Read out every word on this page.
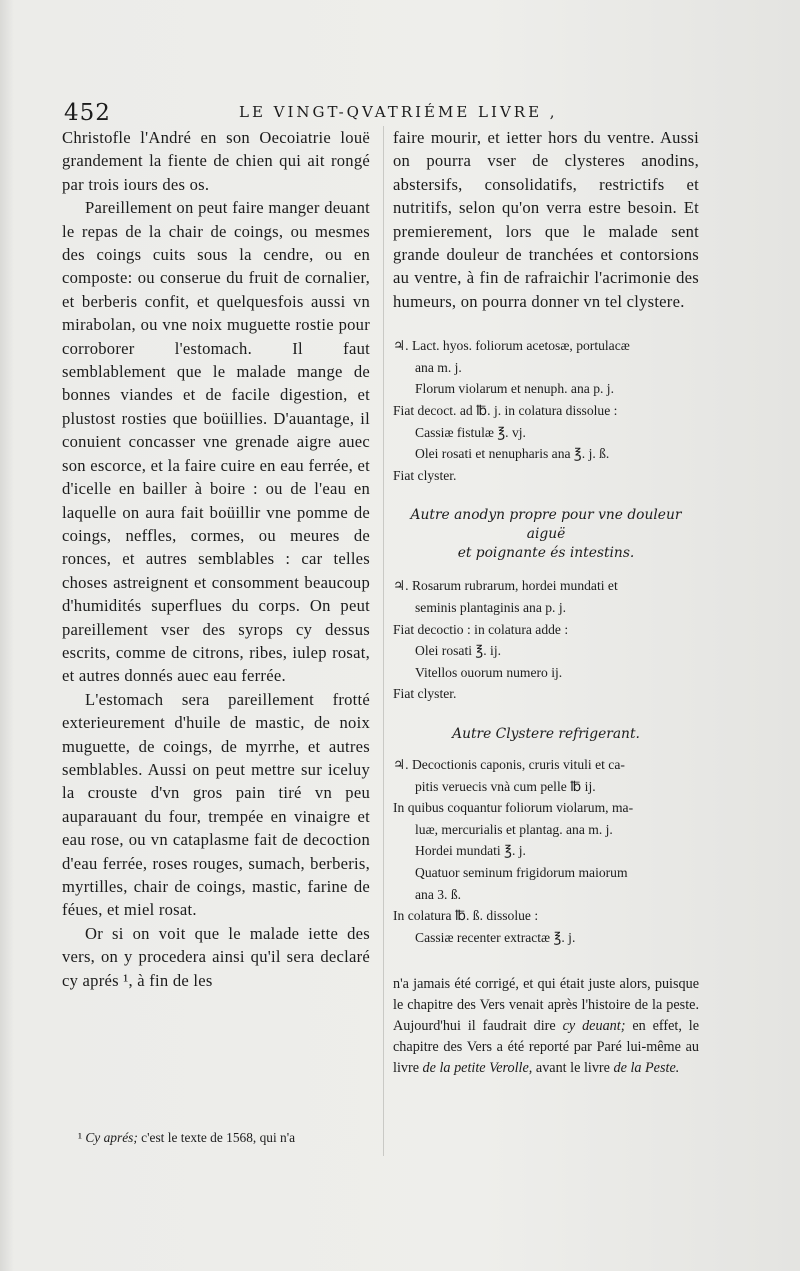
452	LE VINGT-QVATRIÉME LIVRE ,

Christofle l'André en son Oecoiatrie louë grandement la fiente de chien qui ait rongé par trois iours des os.

Pareillement on peut faire manger deuant le repas de la chair de coings, ou mesmes des coings cuits sous la cendre, ou en composte: ou conserue du fruit de cornalier, et berberis confit, et quelquesfois aussi vn mirabolan, ou vne noix muguette rostie pour corroborer l'estomach. Il faut semblablement que le malade mange de bonnes viandes et de facile digestion, et plustost rosties que boüillies. D'auantage, il conuient concasser vne grenade aigre auec son escorce, et la faire cuire en eau ferrée, et d'icelle en bailler à boire : ou de l'eau en laquelle on aura fait boüillir vne pomme de coings, neffles, cormes, ou meures de ronces, et autres semblables : car telles choses astreignent et consomment beaucoup d'humidités superflues du corps. On peut pareillement vser des syrops cy dessus escrits, comme de citrons, ribes, iulep rosat, et autres donnés auec eau ferrée.

L'estomach sera pareillement frotté exterieurement d'huile de mastic, de noix muguette, de coings, de myrrhe, et autres semblables. Aussi on peut mettre sur iceluy la crouste d'vn gros pain tiré vn peu auparauant du four, trempée en vinaigre et eau rose, ou vn cataplasme fait de decoction d'eau ferrée, roses rouges, sumach, berberis, myrtilles, chair de coings, mastic, farine de féues, et miel rosat.

Or si on voit que le malade iette des vers, on y procedera ainsi qu'il sera declaré cy aprés ¹, à fin de les

faire mourir, et ietter hors du ventre. Aussi on pourra vser de clysteres anodins, abstersifs, consolidatifs, restrictifs et nutritifs, selon qu'on verra estre besoin. Et premierement, lors que le malade sent grande douleur de tranchées et contorsions au ventre, à fin de rafraichir l'acrimonie des humeurs, on pourra donner vn tel clystere.

♃. Lact. hyos. foliorum acetosæ, portulacæ
ana m. j.
Florum violarum et nenuph. ana p. j.
Fiat decoct. ad ℔. j. in colatura dissolue :
Cassiæ fistulæ ℥. vj.
Olei rosati et nenupharis ana ℥. j. ß.
Fiat clyster.

Autre anodyn propre pour vne douleur aiguë

et poignante és intestins.

♃. Rosarum rubrarum, hordei mundati et
seminis plantaginis ana p. j.
Fiat decoctio : in colatura adde :
Olei rosati ℥. ij.
Vitellos ouorum numero ij.
Fiat clyster.

Autre Clystere refrigerant.

♃. Decoctionis caponis, cruris vituli et ca-
pitis veruecis vnà cum pelle ℔ ij.
In quibus coquantur foliorum violarum, ma-
luæ, mercurialis et plantag. ana m. j.
Hordei mundati ℥. j.
Quatuor seminum frigidorum maiorum
ana 3. ß.
In colatura ℔. ß. dissolue :
Cassiæ recenter extractæ ℥. j.

n'a jamais été corrigé, et qui était juste alors, puisque le chapitre des Vers venait après l'histoire de la peste. Aujourd'hui il faudrait dire cy deuant; en effet, le chapitre des Vers a été reporté par Paré lui-même au livre de la petite Verolle, avant le livre de la Peste.

¹ Cy aprés; c'est le texte de 1568, qui n'a
